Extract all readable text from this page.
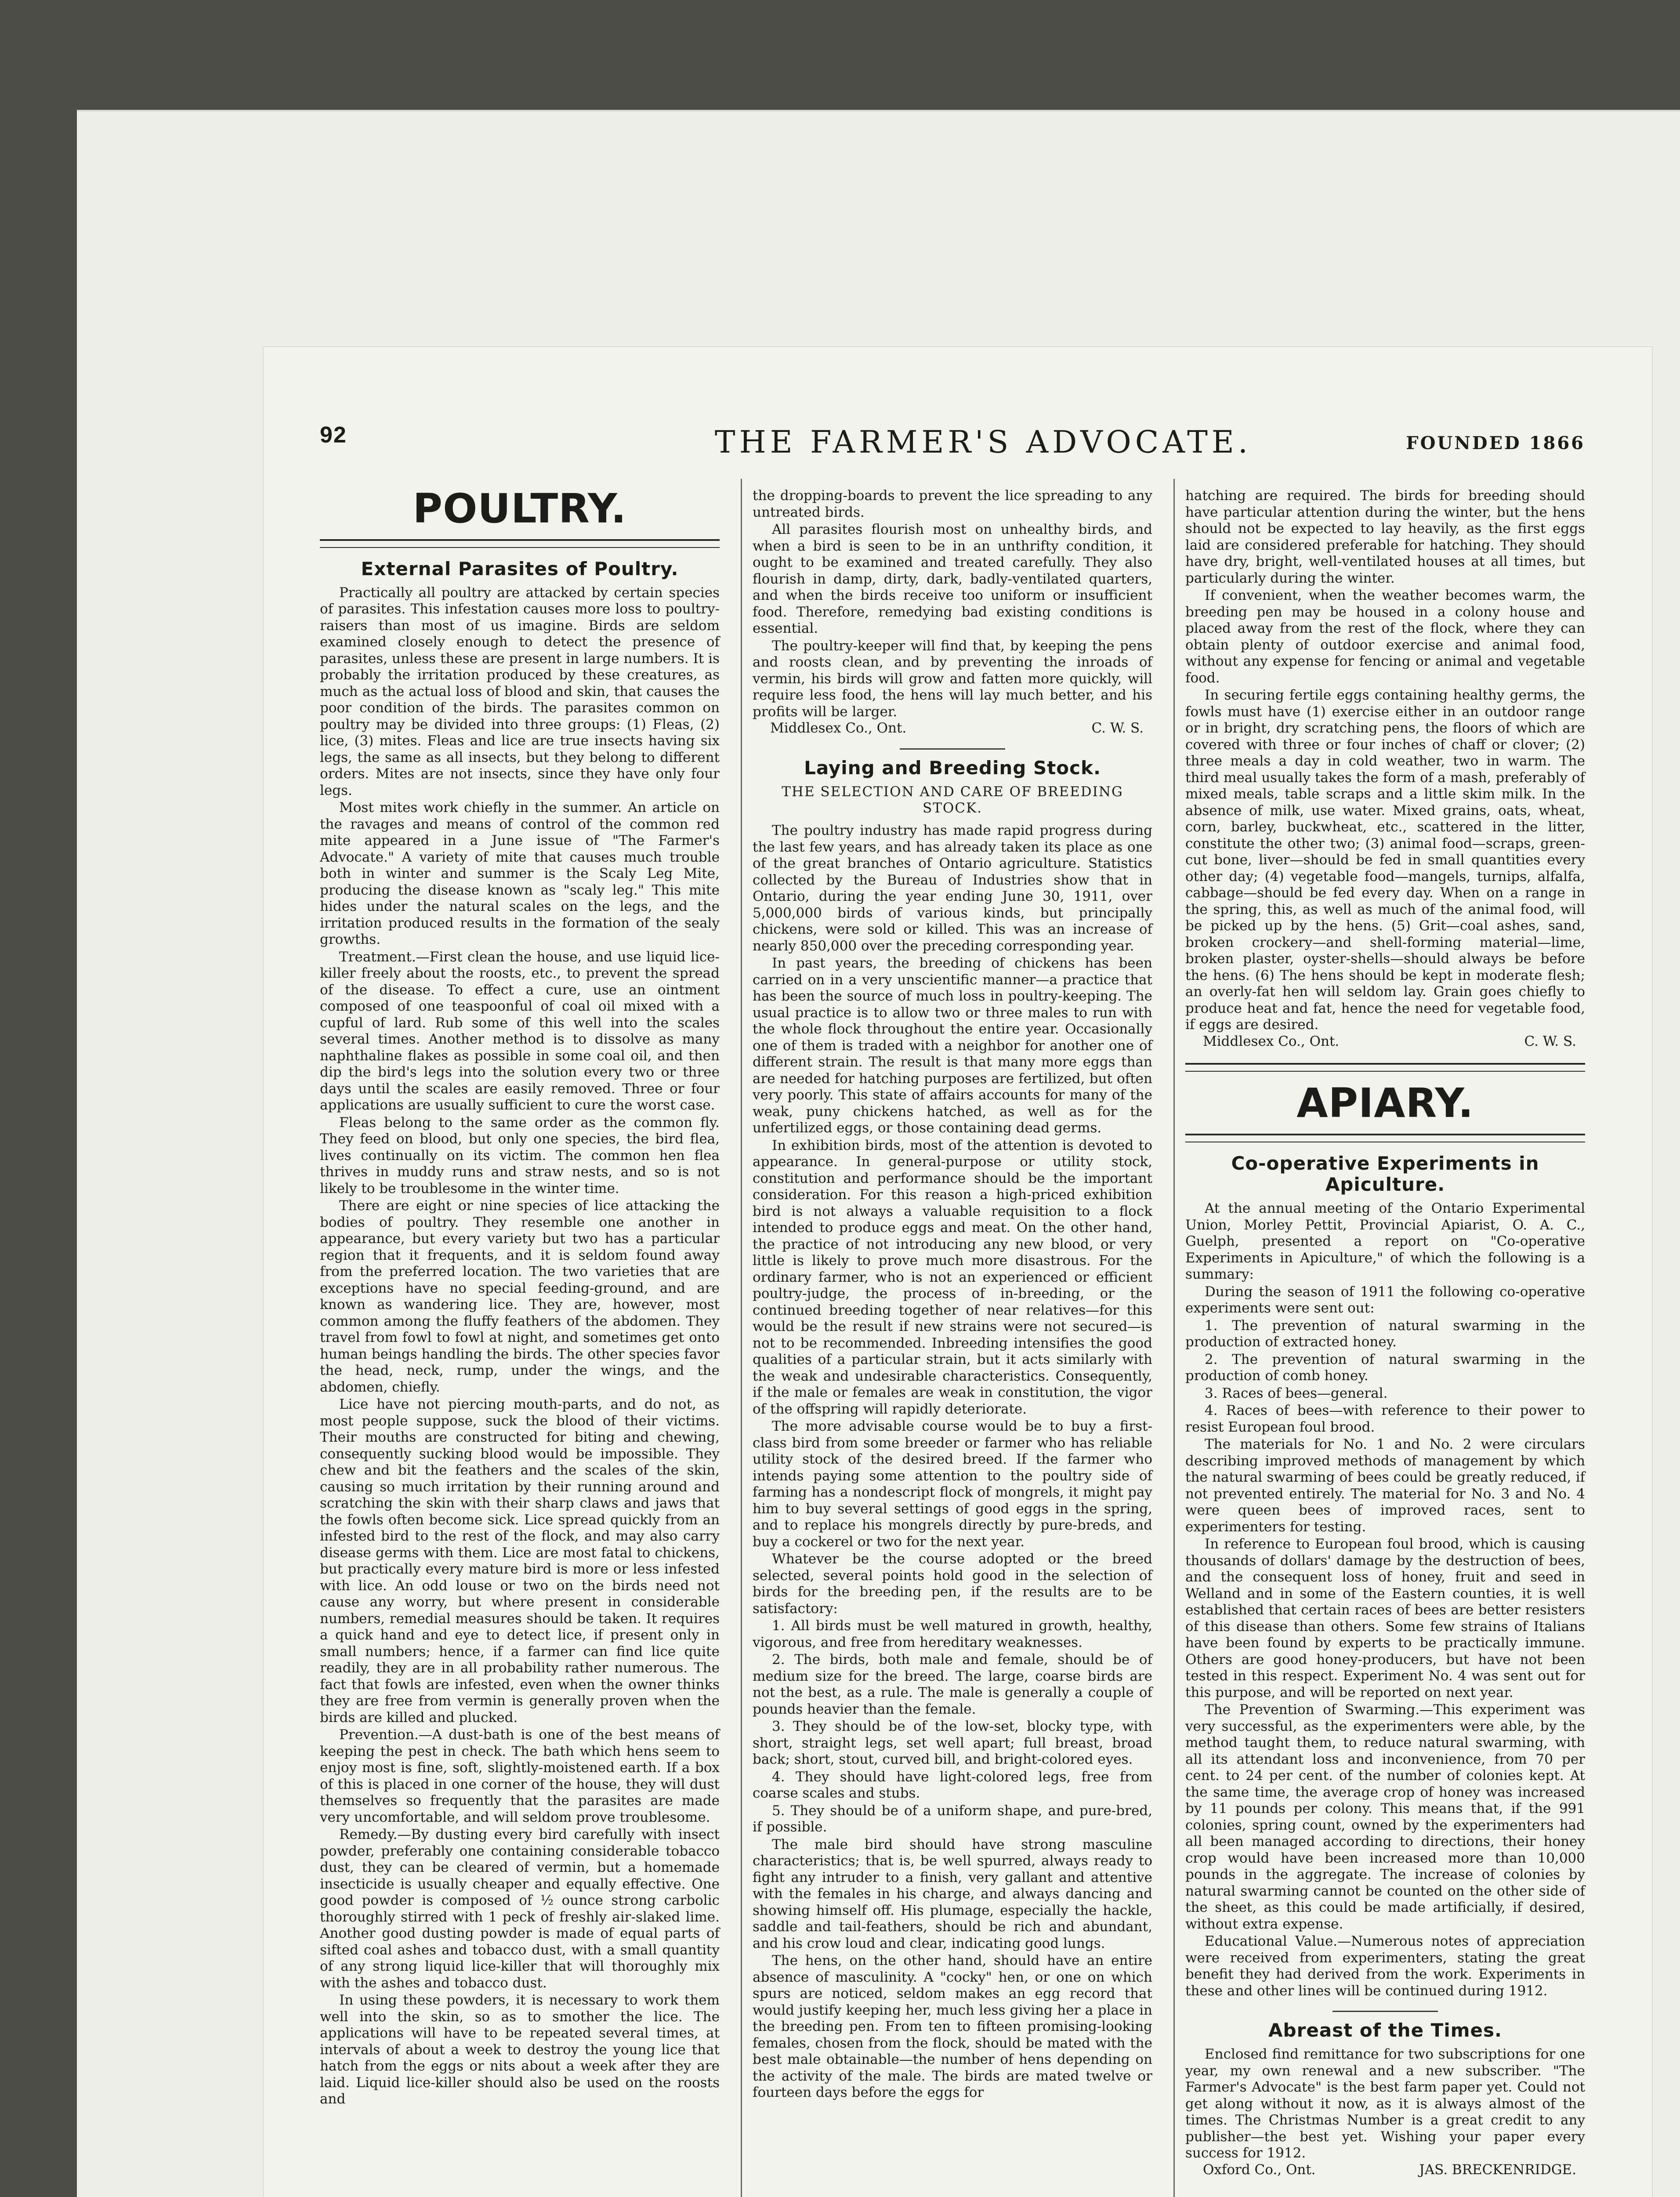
92	THE FARMER'S ADVOCATE.	FOUNDED 1866
POULTRY.
External Parasites of Poultry.

Practically all poultry are attacked by certain species of parasites. This infestation causes more loss to poultry-raisers than most of us imagine. Birds are seldom examined closely enough to detect the presence of parasites, unless these are present in large numbers. It is probably the irritation produced by these creatures, as much as the actual loss of blood and skin, that causes the poor condition of the birds. The parasites common on poultry may be divided into three groups: (1) Fleas, (2) lice, (3) mites. Fleas and lice are true insects having six legs, the same as all insects, but they belong to different orders. Mites are not insects, since they have only four legs.

Most mites work chiefly in the summer. An article on the ravages and means of control of the common red mite appeared in a June issue of "The Farmer's Advocate." A variety of mite that causes much trouble both in winter and summer is the Scaly Leg Mite, producing the disease known as "scaly leg." This mite hides under the natural scales on the legs, and the irritation produced results in the formation of the sealy growths.

Treatment.—First clean the house, and use liquid lice-killer freely about the roosts, etc., to prevent the spread of the disease. To effect a cure, use an ointment composed of one teaspoonful of coal oil mixed with a cupful of lard. Rub some of this well into the scales several times. Another method is to dissolve as many naphthaline flakes as possible in some coal oil, and then dip the bird's legs into the solution every two or three days until the scales are easily removed. Three or four applications are usually sufficient to cure the worst case.

Fleas belong to the same order as the common fly. They feed on blood, but only one species, the bird flea, lives continually on its victim. The common hen flea thrives in muddy runs and straw nests, and so is not likely to be troublesome in the winter time.

There are eight or nine species of lice attacking the bodies of poultry. They resemble one another in appearance, but every variety but two has a particular region that it frequents, and it is seldom found away from the preferred location. The two varieties that are exceptions have no special feeding-ground, and are known as wandering lice. They are, however, most common among the fluffy feathers of the abdomen. They travel from fowl to fowl at night, and sometimes get onto human beings handling the birds. The other species favor the head, neck, rump, under the wings, and the abdomen, chiefly.

Lice have not piercing mouth-parts, and do not, as most people suppose, suck the blood of their victims. Their mouths are constructed for biting and chewing, consequently sucking blood would be impossible. They chew and bit the feathers and the scales of the skin, causing so much irritation by their running around and scratching the skin with their sharp claws and jaws that the fowls often become sick. Lice spread quickly from an infested bird to the rest of the flock, and may also carry disease germs with them. Lice are most fatal to chickens, but practically every mature bird is more or less infested with lice. An odd louse or two on the birds need not cause any worry, but where present in considerable numbers, remedial measures should be taken. It requires a quick hand and eye to detect lice, if present only in small numbers; hence, if a farmer can find lice quite readily, they are in all probability rather numerous. The fact that fowls are infested, even when the owner thinks they are free from vermin is generally proven when the birds are killed and plucked.

Prevention.—A dust-bath is one of the best means of keeping the pest in check. The bath which hens seem to enjoy most is fine, soft, slightly-moistened earth. If a box of this is placed in one corner of the house, they will dust themselves so frequently that the parasites are made very uncomfortable, and will seldom prove troublesome.

Remedy.—By dusting every bird carefully with insect powder, preferably one containing considerable tobacco dust, they can be cleared of vermin, but a homemade insecticide is usually cheaper and equally effective. One good powder is composed of ½ ounce strong carbolic thoroughly stirred with 1 peck of freshly air-slaked lime. Another good dusting powder is made of equal parts of sifted coal ashes and tobacco dust, with a small quantity of any strong liquid lice-killer that will thoroughly mix with the ashes and tobacco dust.

In using these powders, it is necessary to work them well into the skin, so as to smother the lice. The applications will have to be repeated several times, at intervals of about a week to destroy the young lice that hatch from the eggs or nits about a week after they are laid. Liquid lice-killer should also be used on the roosts and

the dropping-boards to prevent the lice spreading to any untreated birds.

All parasites flourish most on unhealthy birds, and when a bird is seen to be in an unthrifty condition, it ought to be examined and treated carefully. They also flourish in damp, dirty, dark, badly-ventilated quarters, and when the birds receive too uniform or insufficient food. Therefore, remedying bad existing conditions is essential.

The poultry-keeper will find that, by keeping the pens and roosts clean, and by preventing the inroads of vermin, his birds will grow and fatten more quickly, will require less food, the hens will lay much better, and his profits will be larger.

Middlesex Co., Ont.	C. W. S.
Laying and Breeding Stock.
THE SELECTION AND CARE OF BREEDING STOCK.

The poultry industry has made rapid progress during the last few years, and has already taken its place as one of the great branches of Ontario agriculture. Statistics collected by the Bureau of Industries show that in Ontario, during the year ending June 30, 1911, over 5,000,000 birds of various kinds, but principally chickens, were sold or killed. This was an increase of nearly 850,000 over the preceding corresponding year.

In past years, the breeding of chickens has been carried on in a very unscientific manner—a practice that has been the source of much loss in poultry-keeping. The usual practice is to allow two or three males to run with the whole flock throughout the entire year. Occasionally one of them is traded with a neighbor for another one of different strain. The result is that many more eggs than are needed for hatching purposes are fertilized, but often very poorly. This state of affairs accounts for many of the weak, puny chickens hatched, as well as for the unfertilized eggs, or those containing dead germs.

In exhibition birds, most of the attention is devoted to appearance. In general-purpose or utility stock, constitution and performance should be the important consideration. For this reason a high-priced exhibition bird is not always a valuable requisition to a flock intended to produce eggs and meat. On the other hand, the practice of not introducing any new blood, or very little is likely to prove much more disastrous. For the ordinary farmer, who is not an experienced or efficient poultry-judge, the process of in-breeding, or the continued breeding together of near relatives—for this would be the result if new strains were not secured—is not to be recommended. Inbreeding intensifies the good qualities of a particular strain, but it acts similarly with the weak and undesirable characteristics. Consequently, if the male or females are weak in constitution, the vigor of the offspring will rapidly deteriorate.

The more advisable course would be to buy a first-class bird from some breeder or farmer who has reliable utility stock of the desired breed. If the farmer who intends paying some attention to the poultry side of farming has a nondescript flock of mongrels, it might pay him to buy several settings of good eggs in the spring, and to replace his mongrels directly by pure-breds, and buy a cockerel or two for the next year.

Whatever be the course adopted or the breed selected, several points hold good in the selection of birds for the breeding pen, if the results are to be satisfactory:

1. All birds must be well matured in growth, healthy, vigorous, and free from hereditary weaknesses.

2. The birds, both male and female, should be of medium size for the breed. The large, coarse birds are not the best, as a rule. The male is generally a couple of pounds heavier than the female.

3. They should be of the low-set, blocky type, with short, straight legs, set well apart; full breast, broad back; short, stout, curved bill, and bright-colored eyes.

4. They should have light-colored legs, free from coarse scales and stubs.

5. They should be of a uniform shape, and pure-bred, if possible.

The male bird should have strong masculine characteristics; that is, be well spurred, always ready to fight any intruder to a finish, very gallant and attentive with the females in his charge, and always dancing and showing himself off. His plumage, especially the hackle, saddle and tail-feathers, should be rich and abundant, and his crow loud and clear, indicating good lungs.

The hens, on the other hand, should have an entire absence of masculinity. A "cocky" hen, or one on which spurs are noticed, seldom makes an egg record that would justify keeping her, much less giving her a place in the breeding pen. From ten to fifteen promising-looking females, chosen from the flock, should be mated with the best male obtainable—the number of hens depending on the activity of the male. The birds are mated twelve or fourteen days before the eggs for

hatching are required. The birds for breeding should have particular attention during the winter, but the hens should not be expected to lay heavily, as the first eggs laid are considered preferable for hatching. They should have dry, bright, well-ventilated houses at all times, but particularly during the winter.

If convenient, when the weather becomes warm, the breeding pen may be housed in a colony house and placed away from the rest of the flock, where they can obtain plenty of outdoor exercise and animal food, without any expense for fencing or animal and vegetable food.

In securing fertile eggs containing healthy germs, the fowls must have (1) exercise either in an outdoor range or in bright, dry scratching pens, the floors of which are covered with three or four inches of chaff or clover; (2) three meals a day in cold weather, two in warm. The third meal usually takes the form of a mash, preferably of mixed meals, table scraps and a little skim milk. In the absence of milk, use water. Mixed grains, oats, wheat, corn, barley, buckwheat, etc., scattered in the litter, constitute the other two; (3) animal food—scraps, green-cut bone, liver—should be fed in small quantities every other day; (4) vegetable food—mangels, turnips, alfalfa, cabbage—should be fed every day. When on a range in the spring, this, as well as much of the animal food, will be picked up by the hens. (5) Grit—coal ashes, sand, broken crockery—and shell-forming material—lime, broken plaster, oyster-shells—should always be before the hens. (6) The hens should be kept in moderate flesh; an overly-fat hen will seldom lay. Grain goes chiefly to produce heat and fat, hence the need for vegetable food, if eggs are desired.

Middlesex Co., Ont.	C. W. S.
APIARY.
Co-operative Experiments in Apiculture.

At the annual meeting of the Ontario Experimental Union, Morley Pettit, Provincial Apiarist, O. A. C., Guelph, presented a report on "Co-operative Experiments in Apiculture," of which the following is a summary:

During the season of 1911 the following co-operative experiments were sent out:

1. The prevention of natural swarming in the production of extracted honey.

2. The prevention of natural swarming in the production of comb honey.

3. Races of bees—general.

4. Races of bees—with reference to their power to resist European foul brood.

The materials for No. 1 and No. 2 were circulars describing improved methods of management by which the natural swarming of bees could be greatly reduced, if not prevented entirely. The material for No. 3 and No. 4 were queen bees of improved races, sent to experimenters for testing.

In reference to European foul brood, which is causing thousands of dollars' damage by the destruction of bees, and the consequent loss of honey, fruit and seed in Welland and in some of the Eastern counties, it is well established that certain races of bees are better resisters of this disease than others. Some few strains of Italians have been found by experts to be practically immune. Others are good honey-producers, but have not been tested in this respect. Experiment No. 4 was sent out for this purpose, and will be reported on next year.

The Prevention of Swarming.—This experiment was very successful, as the experimenters were able, by the method taught them, to reduce natural swarming, with all its attendant loss and inconvenience, from 70 per cent. to 24 per cent. of the number of colonies kept. At the same time, the average crop of honey was increased by 11 pounds per colony. This means that, if the 991 colonies, spring count, owned by the experimenters had all been managed according to directions, their honey crop would have been increased more than 10,000 pounds in the aggregate. The increase of colonies by natural swarming cannot be counted on the other side of the sheet, as this could be made artificially, if desired, without extra expense.

Educational Value.—Numerous notes of appreciation were received from experimenters, stating the great benefit they had derived from the work. Experiments in these and other lines will be continued during 1912.

Abreast of the Times.

Enclosed find remittance for two subscriptions for one year, my own renewal and a new subscriber. "The Farmer's Advocate" is the best farm paper yet. Could not get along without it now, as it is always almost of the times. The Christmas Number is a great credit to any publisher—the best yet. Wishing your paper every success for 1912.

Oxford Co., Ont.	JAS. BRECKENRIDGE.
